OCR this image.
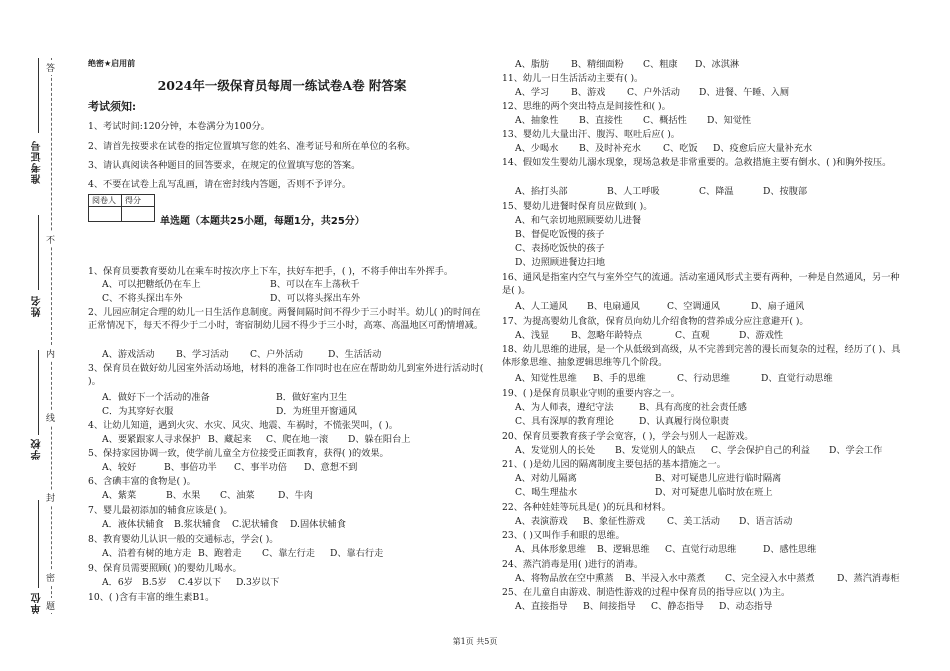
准考证号
姓名
学校
单位
答
不
内
线
封
密
题
绝密★启用前
2024年一级保育员每周一练试卷A卷 附答案
考试须知:
1、考试时间:120分钟，本卷满分为100分。
2、请首先按要求在试卷的指定位置填写您的姓名、准考证号和所在单位的名称。
3、请认真阅读各种题目的回答要求，在规定的位置填写您的答案。
4、不要在试卷上乱写乱画，请在密封线内答题，否则不予评分。
阅卷人	得分

单选题（本题共25小题，每题1分，共25分）
1、保育员要教育要幼儿在乘车时按次序上下车，扶好车把手，( )，不将手伸出车外挥手。
A、可以把糖纸仍在车上	B、可以在车上荡秋千
C、不将头探出车外	D、可以将头探出车外
2、儿园应制定合理的幼儿一日生活作息制度。两餐间隔时间不得少于三小时半。幼儿( )的时间在正常情况下，每天不得少于二小时，寄宿制幼儿园不得少于三小时，高寒、高温地区可酌情增减。
A、游戏活动 B、学习活动 C、户外活动	D、生活活动
3、保育员在做好幼儿园室外活动场地，材料的准备工作同时也在应在帮助幼儿到室外进行活动时( )。
A．做好下一个活动的准备	B．做好室内卫生
C．为其穿好衣服	D．为班里开窗通风
4、让幼儿知道，遇到火灾、水灾、风灾、地震、车祸时，不慌张哭叫，( )。
A、要紧跟家人寻求保护 B、藏起来 C、爬在地一滚 D、躲在阳台上
5、保持家园协调一致，使学前儿童全方位接受正面教育，获得( )的效果。
A、较好	B、事倍功半 C、事半功倍 D、意想不到
6、含碘丰富的食物是( )。
A、紫菜	B、水果 C、油菜	D、牛肉
7、婴儿最初添加的辅食应该是( )。
A．液体状辅食 B.浆状辅食 C.泥状辅食 D.固体状辅食
8、教育婴幼儿认识一般的交通标志，学会( )。
A、沿着有树的地方走 B、跑着走 C、靠左行走 D、靠右行走
9、保育员需要照顾( )的婴幼儿喝水。
A．6岁 B.5岁 C.4岁以下 D.3岁以下
10、( )含有丰富的维生素B1。
A、脂肪 B、精细面粉 C、粗康 D、冰淇淋
11、幼儿一日生活活动主要有( )。
A、学习 B、游戏 C、户外活动 D、进餐、午睡、入厕
12、思维的两个突出特点是间接性和( )。
A、抽象性 B、直接性 C、概括性 D、知觉性
13、婴幼儿大量出汗、腹泻、呕吐后应( )。
A、少喝水 B、及时补充水 C、吃饭 D、疫愈后应大量补充水
14、假如发生婴幼儿溺水现象，现场急救是非常重要的。急救措施主要有倒水、( )和胸外按压。
A、掐打头部	B、人工呼吸	C、降温	D、按腹部
15、婴幼儿进餐时保育员应做到( )。
A、和气亲切地照顾要幼儿进餐
B、督促吃饭慢的孩子
C、表扬吃饭快的孩子
D、边照顾进餐边扫地
16、通风是指室内空气与室外空气的流通。活动室通风形式主要有两种，一种是自然通风，另一种是( )。
A、人工通风 B、电扇通风	C、空调通风	D、扇子通风
17、为提高婴幼儿食欲，保育员向幼儿介绍食物的营养成分应注意避开( )。
A、浅显 B、忽略年龄特点	C、直观	D、游戏性
18、幼儿思维的进展，是一个从低级到高级，从不完善到完善的漫长而复杂的过程，经历了( )、具体形象思维、抽象逻辑思维等几个阶段。
A、知觉性思维 B、手的思维	C、行动思维	D、直觉行动思维
19、( )是保育员职业守则的重要内容之一。
A、为人师表，遵纪守法	B、具有高度的社会责任感
C、具有深厚的教育理论	D、认真履行岗位职责
20、保育员要教育孩子学会宽容，( )，学会与别人一起游戏。
A、发觉别人的长处 B、发觉别人的缺点 C、学会保护自己的利益 D、学会工作
21、( )是幼儿园的隔离制度主要包括的基本措施之一。
A、对幼儿隔离	B、对可疑患儿应进行临时隔离
C、喝生理盐水	D、对可疑患儿临时放在班上
22、各种娃娃等玩具是( )的玩具和材料。
A、表演游戏 B、象征性游戏 C、美工活动 D、语言活动
23、( )又叫作手和眼的思维。
A、具体形象思维 B、逻辑思维 C、直觉行动思维	D、感性思维
24、蒸汽消毒是用( )进行的消毒。
A、将物品放在空中熏蒸 B、半浸入水中蒸煮 C、完全浸入水中蒸煮 D、蒸汽消毒柜
25、在儿童自由游戏、制造性游戏的过程中保育员的指导应以( )为主。
A、直接指导 B、间接指导 C、静态指导 D、动态指导
第1页 共5页
